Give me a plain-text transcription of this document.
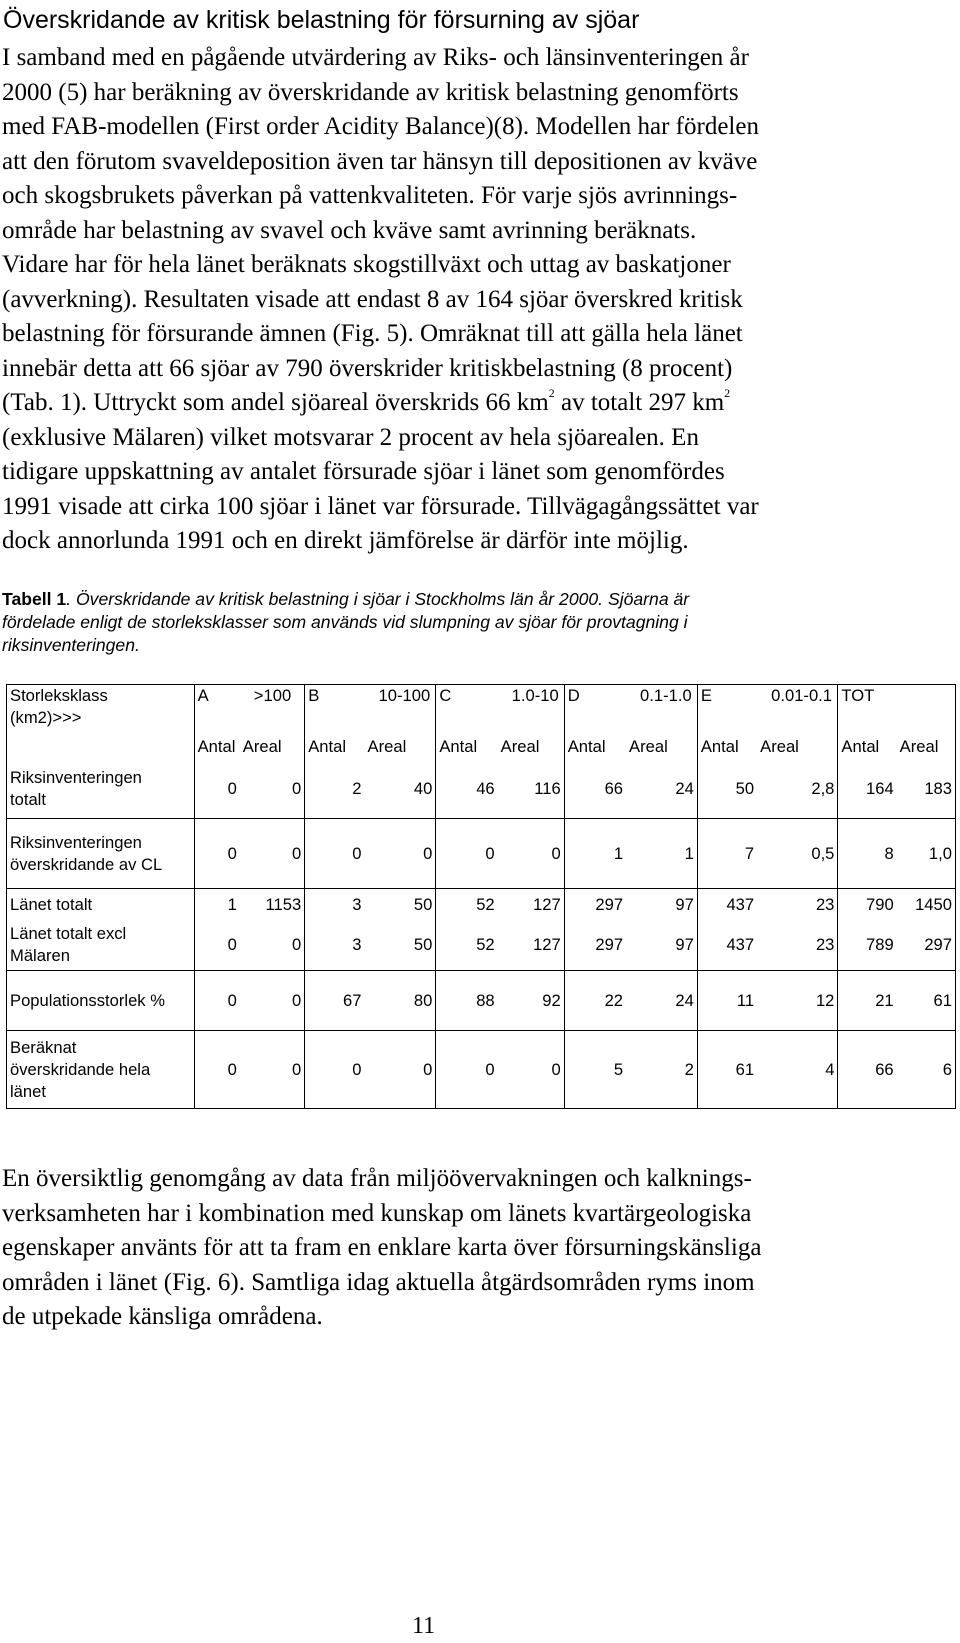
Överskridande av kritisk belastning för försurning av sjöar
I samband med en pågående utvärdering av Riks- och länsinventeringen år
2000 (5) har beräkning av överskridande av kritisk belastning genomförts
med FAB-modellen (First order Acidity Balance)(8). Modellen har fördelen
att den förutom svaveldeposition även tar hänsyn till depositionen av kväve
och skogsbrukets påverkan på vattenkvaliteten. För varje sjös avrinnings-
område har belastning av svavel och kväve samt avrinning beräknats.
Vidare har för hela länet beräknats skogstillväxt och uttag av baskatjoner
(avverkning). Resultaten visade att endast 8 av 164 sjöar överskred kritisk
belastning för försurande ämnen (Fig. 5). Omräknat till att gälla hela länet
innebär detta att 66 sjöar av 790 överskrider kritiskbelastning (8 procent)
(Tab. 1). Uttryckt som andel sjöareal överskrids 66 $km^2$ av totalt 297 $km^2$
(exklusive Mälaren) vilket motsvarar 2 procent av hela sjöarealen. En
tidigare uppskattning av antalet försurade sjöar i länet som genomfördes
1991 visade att cirka 100 sjöar i länet var försurade. Tillvägagångssättet var
dock annorlunda 1991 och en direkt jämförelse är därför inte möjlig.
Tabell 1. Överskridande av kritisk belastning i sjöar i Stockholms län år 2000. Sjöarna är
fördelade enligt de storleksklasser som används vid slumpning av sjöar för provtagning i
riksinventeringen.
Storleksklass
(km2)>>>	A	>100	B	10-100	C	1.0-10	D	0.1-1.0	E	0.01-0.1	TOT	
	Antal	Areal	Antal	Areal	Antal	Areal	Antal	Areal	Antal	Areal	Antal	Areal
Riksinventeringen
totalt	0	0	2	40	46	116	66	24	50	2,8	164	183
Riksinventeringen
överskridande av CL	0	0	0	0	0	0	1	1	7	0,5	8	1,0
Länet totalt	1	1153	3	50	52	127	297	97	437	23	790	1450
Länet totalt excl
Mälaren	0	0	3	50	52	127	297	97	437	23	789	297
Populationsstorlek %	0	0	67	80	88	92	22	24	11	12	21	61
Beräknat
överskridande hela
länet	0	0	0	0	0	0	5	2	61	4	66	6
En översiktlig genomgång av data från miljöövervakningen och kalknings-
verksamheten har i kombination med kunskap om länets kvartärgeologiska
egenskaper använts för att ta fram en enklare karta över försurningskänsliga
områden i länet (Fig. 6). Samtliga idag aktuella åtgärdsområden ryms inom
de utpekade känsliga områdena.
11
